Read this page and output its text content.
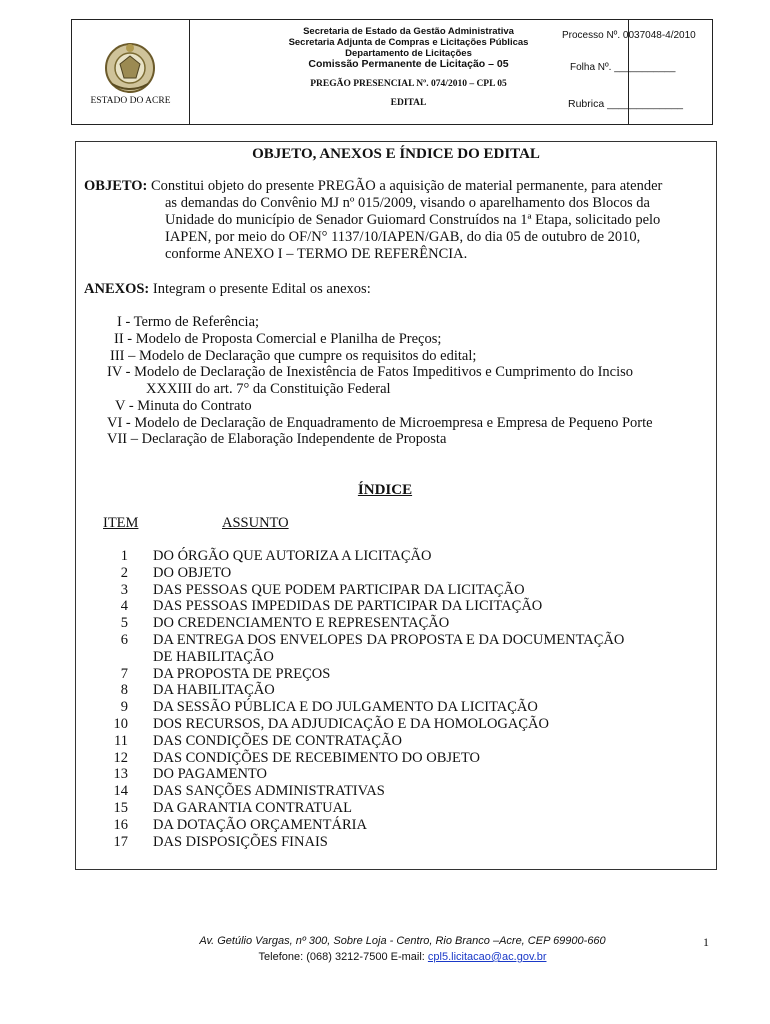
ESTADO DO ACRE
Secretaria de Estado da Gestão Administrativa
Secretaria Adjunta de Compras e Licitações Públicas
Departamento de Licitações
Comissão Permanente de Licitação – 05
PREGÃO PRESENCIAL Nº. 074/2010 – CPL 05
EDITAL
Processo Nº. 0037048-4/2010
Folha Nº. ___________
Rubrica _____________
OBJETO, ANEXOS E ÍNDICE DO EDITAL
OBJETO: Constitui objeto do presente PREGÃO a aquisição de material permanente, para atender
as demandas do Convênio MJ nº 015/2009, visando o aparelhamento dos Blocos da
Unidade do município de Senador Guiomard Construídos na 1ª Etapa, solicitado pelo
IAPEN, por meio do OF/N° 1137/10/IAPEN/GAB, do dia 05 de outubro de 2010,
conforme ANEXO I – TERMO DE REFERÊNCIA.
ANEXOS: Integram o presente Edital os anexos:
I - Termo de Referência;
II - Modelo de Proposta Comercial e Planilha de Preços;
III – Modelo de Declaração que cumpre os requisitos do edital;
IV - Modelo de Declaração de Inexistência de Fatos Impeditivos e Cumprimento do Inciso
XXXIII do art. 7° da Constituição Federal
V - Minuta do Contrato
VI - Modelo de Declaração de Enquadramento de Microempresa e Empresa de Pequeno Porte
VII – Declaração de Elaboração Independente de Proposta
ÍNDICE
ITEM	ASSUNTO
1 DO ÓRGÃO QUE AUTORIZA A LICITAÇÃO
2 DO OBJETO
3 DAS PESSOAS QUE PODEM PARTICIPAR DA LICITAÇÃO
4 DAS PESSOAS IMPEDIDAS DE PARTICIPAR DA LICITAÇÃO
5 DO CREDENCIAMENTO E REPRESENTAÇÃO
6 DA ENTREGA DOS ENVELOPES DA PROPOSTA E DA DOCUMENTAÇÃO
DE HABILITAÇÃO
7 DA PROPOSTA DE PREÇOS
8 DA HABILITAÇÃO
9 DA SESSÃO PÚBLICA E DO JULGAMENTO DA LICITAÇÃO
10 DOS RECURSOS, DA ADJUDICAÇÃO E DA HOMOLOGAÇÃO
11 DAS CONDIÇÕES DE CONTRATAÇÃO
12 DAS CONDIÇÕES DE RECEBIMENTO DO OBJETO
13 DO PAGAMENTO
14 DAS SANÇÕES ADMINISTRATIVAS
15 DA GARANTIA CONTRATUAL
16 DA DOTAÇÃO ORÇAMENTÁRIA
17 DAS DISPOSIÇÕES FINAIS
Av. Getúlio Vargas, nº 300, Sobre Loja - Centro, Rio Branco –Acre, CEP 69900-660
Telefone: (068) 3212-7500 E-mail: cpl5.licitacao@ac.gov.br
1
